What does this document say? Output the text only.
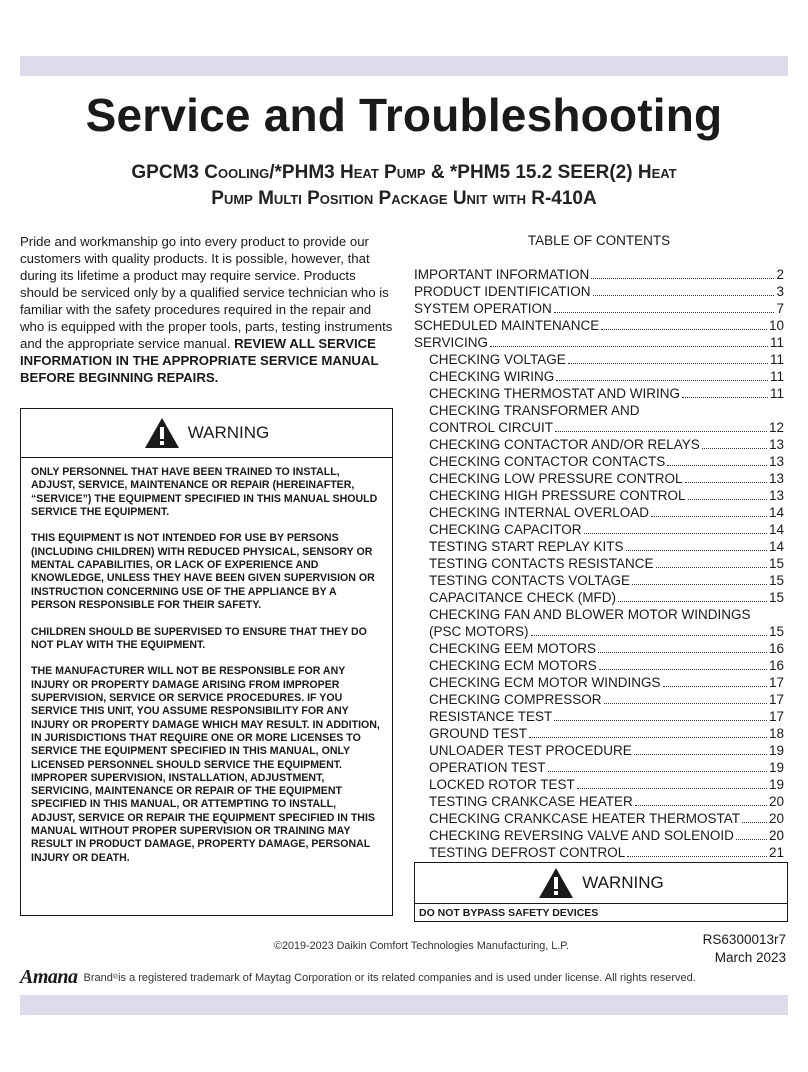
Service and Troubleshooting
GPCM3 Cooling/*PHM3 Heat Pump & *PHM5 15.2 SEER(2) Heat
Pump Multi Position Package Unit with R-410A
Pride and workmanship go into every product to provide our customers with quality products. It is possible, however, that during its lifetime a product may require service. Products should be serviced only by a qualified service technician who is familiar with the safety procedures required in the repair and who is equipped with the proper tools, parts, testing instruments and the appropriate service manual. REVIEW ALL SERVICE INFORMATION IN THE APPROPRIATE SERVICE MANUAL BEFORE BEGINNING REPAIRS.
WARNING

ONLY PERSONNEL THAT HAVE BEEN TRAINED TO INSTALL, ADJUST, SERVICE, MAINTENANCE OR REPAIR (HEREINAFTER, “SERVICE”) THE EQUIPMENT SPECIFIED IN THIS MANUAL SHOULD SERVICE THE EQUIPMENT.

THIS EQUIPMENT IS NOT INTENDED FOR USE BY PERSONS (INCLUDING CHILDREN) WITH REDUCED PHYSICAL, SENSORY OR MENTAL CAPABILITIES, OR LACK OF EXPERIENCE AND KNOWLEDGE, UNLESS THEY HAVE BEEN GIVEN SUPERVISION OR INSTRUCTION CONCERNING USE OF THE APPLIANCE BY A PERSON RESPONSIBLE FOR THEIR SAFETY.

CHILDREN SHOULD BE SUPERVISED TO ENSURE THAT THEY DO NOT PLAY WITH THE EQUIPMENT.

THE MANUFACTURER WILL NOT BE RESPONSIBLE FOR ANY INJURY OR PROPERTY DAMAGE ARISING FROM IMPROPER SUPERVISION, SERVICE OR SERVICE PROCEDURES. IF YOU SERVICE THIS UNIT, YOU ASSUME RESPONSIBILITY FOR ANY INJURY OR PROPERTY DAMAGE WHICH MAY RESULT. IN ADDITION, IN JURISDICTIONS THAT REQUIRE ONE OR MORE LICENSES TO SERVICE THE EQUIPMENT SPECIFIED IN THIS MANUAL, ONLY LICENSED PERSONNEL SHOULD SERVICE THE EQUIPMENT. IMPROPER SUPERVISION, INSTALLATION, ADJUSTMENT, SERVICING, MAINTENANCE OR REPAIR OF THE EQUIPMENT SPECIFIED IN THIS MANUAL, OR ATTEMPTING TO INSTALL, ADJUST, SERVICE OR REPAIR THE EQUIPMENT SPECIFIED IN THIS MANUAL WITHOUT PROPER SUPERVISION OR TRAINING MAY RESULT IN PRODUCT DAMAGE, PROPERTY DAMAGE, PERSONAL INJURY OR DEATH.

TABLE OF CONTENTS
IMPORTANT INFORMATION	2
PRODUCT IDENTIFICATION	3
SYSTEM OPERATION	7
SCHEDULED MAINTENANCE	10
SERVICING	11
CHECKING VOLTAGE	11
CHECKING WIRING	11
CHECKING THERMOSTAT AND WIRING	11
CHECKING TRANSFORMER AND
CONTROL CIRCUIT	12
CHECKING CONTACTOR AND/OR RELAYS	13
CHECKING CONTACTOR CONTACTS	13
CHECKING LOW PRESSURE CONTROL	13
CHECKING HIGH PRESSURE CONTROL	13
CHECKING INTERNAL OVERLOAD	14
CHECKING CAPACITOR	14
TESTING START REPLAY KITS	14
TESTING CONTACTS RESISTANCE	15
TESTING CONTACTS VOLTAGE	15
CAPACITANCE CHECK (MFD)	15
CHECKING FAN AND BLOWER MOTOR WINDINGS
(PSC MOTORS)	15
CHECKING EEM MOTORS	16
CHECKING ECM MOTORS	16
CHECKING ECM MOTOR WINDINGS	17
CHECKING COMPRESSOR	17
RESISTANCE TEST	17
GROUND TEST	18
UNLOADER TEST PROCEDURE	19
OPERATION TEST	19
LOCKED ROTOR TEST	19
TESTING CRANKCASE HEATER	20
CHECKING CRANKCASE HEATER THERMOSTAT 20
CHECKING REVERSING VALVE AND SOLENOID	20
TESTING DEFROST CONTROL	21
WARNING
DO NOT BYPASS SAFETY DEVICES
©2019-2023 Daikin Comfort Technologies Manufacturing, L.P.	RS6300013r7
March 2023
Amana Brand ® is a registered trademark of Maytag Corporation or its related companies and is used under license. All rights reserved.
